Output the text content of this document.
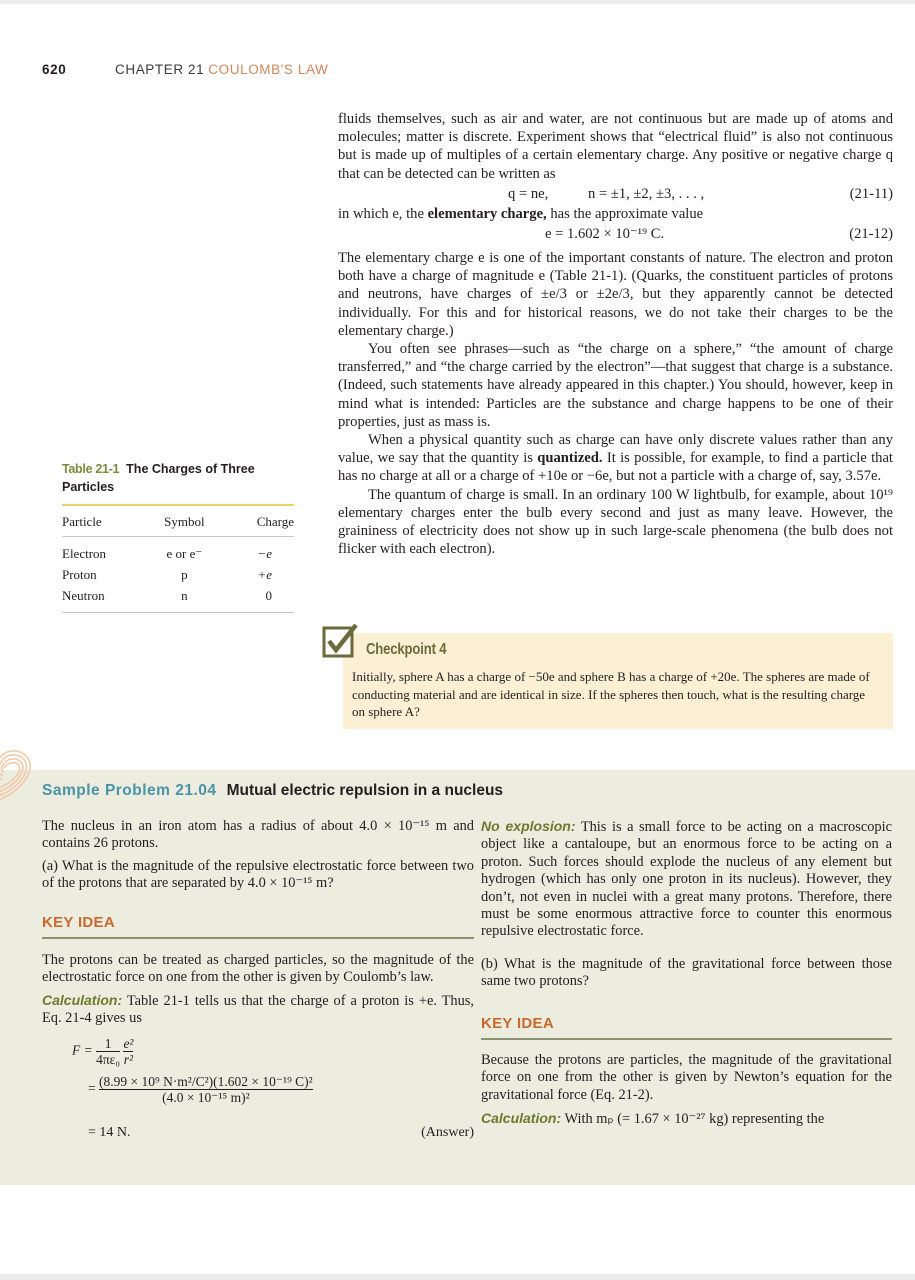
620	CHAPTER 21 COULOMB'S LAW

fluids themselves, such as air and water, are not continuous but are made up of atoms and molecules; matter is discrete. Experiment shows that “electrical fluid” is also not continuous but is made up of multiples of a certain elementary charge. Any positive or negative charge q that can be detected can be written as

q = ne,	n = ±1, ±2, ±3, . . . ,	(21-11)

in which e, the elementary charge, has the approximate value

e = 1.602 × 10⁻¹⁹ C.	(21-12)

The elementary charge e is one of the important constants of nature. The electron and proton both have a charge of magnitude e (Table 21-1). (Quarks, the constituent particles of protons and neutrons, have charges of ±e/3 or ±2e/3, but they apparently cannot be detected individually. For this and for historical reasons, we do not take their charges to be the elementary charge.)

You often see phrases—such as “the charge on a sphere,” “the amount of charge transferred,” and “the charge carried by the electron”—that suggest that charge is a substance. (Indeed, such statements have already appeared in this chapter.) You should, however, keep in mind what is intended: Particles are the substance and charge happens to be one of their properties, just as mass is.

When a physical quantity such as charge can have only discrete values rather than any value, we say that the quantity is quantized. It is possible, for example, to find a particle that has no charge at all or a charge of +10e or −6e, but not a particle with a charge of, say, 3.57e.

The quantum of charge is small. In an ordinary 100 W lightbulb, for example, about 10¹⁹ elementary charges enter the bulb every second and just as many leave. However, the graininess of electricity does not show up in such large-scale phenomena (the bulb does not flicker with each electron).

Table 21-1 The Charges of Three Particles
Particle	Symbol	Charge

Electron	e or e⁻	−e
Proton	p	+e
Neutron	n	0
Checkpoint 4
Initially, sphere A has a charge of −50e and sphere B has a charge of +20e. The spheres are made of conducting material and are identical in size. If the spheres then touch, what is the resulting charge on sphere A?
Sample Problem 21.04 Mutual electric repulsion in a nucleus

The nucleus in an iron atom has a radius of about 4.0 × 10⁻¹⁵ m and contains 26 protons.

(a) What is the magnitude of the repulsive electrostatic force between two of the protons that are separated by 4.0 × 10⁻¹⁵ m?

KEY IDEA

The protons can be treated as charged particles, so the magnitude of the electrostatic force on one from the other is given by Coulomb’s law.

Calculation: Table 21-1 tells us that the charge of a proton is +e. Thus, Eq. 21-4 gives us

$F = \frac{1}{\text{4πε₀}}$
$\frac{\text{e²}}{\text{r²}}$
= $\frac{\text{(8.99 × 10⁹ N·m²/C²)(1.602 × 10⁻¹⁹ C)²}}{\text{(4.0 × 10⁻¹⁵ m)²}}$
= 14 N.	(Answer)

No explosion: This is a small force to be acting on a macroscopic object like a cantaloupe, but an enormous force to be acting on a proton. Such forces should explode the nucleus of any element but hydrogen (which has only one proton in its nucleus). However, they don’t, not even in nuclei with a great many protons. Therefore, there must be some enormous attractive force to counter this enormous repulsive electrostatic force.

(b) What is the magnitude of the gravitational force between those same two protons?

KEY IDEA

Because the protons are particles, the magnitude of the gravitational force on one from the other is given by Newton’s equation for the gravitational force (Eq. 21-2).

Calculation: With mₚ (= 1.67 × 10⁻²⁷ kg) representing the
